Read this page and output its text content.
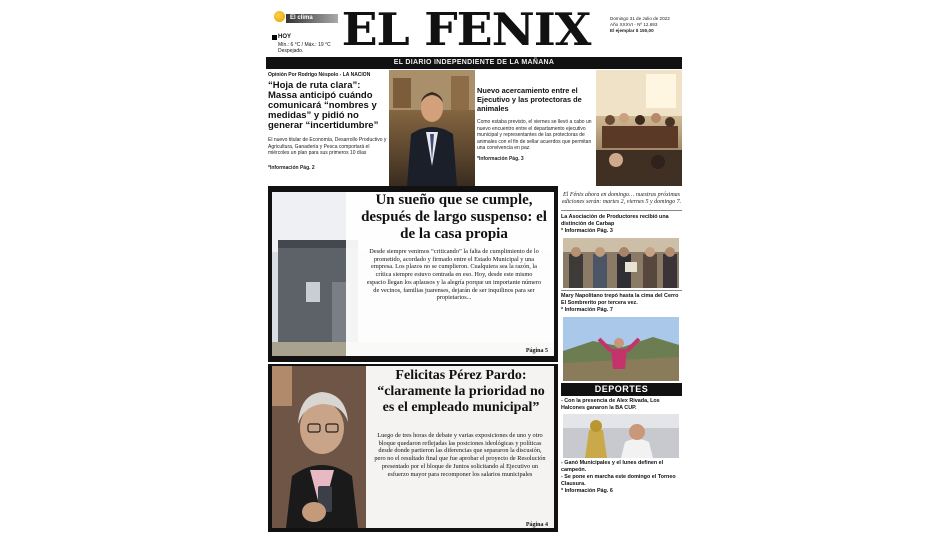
El clima
HOY
Mín.: 6 °C / Máx.: 19 °C
Despejado. EL FENIX	Domingo 31 de Julio de 2022
Año XXXVI - Nº 12.693
El ejemplar $ 150,00
EL DIARIO INDEPENDIENTE DE LA MAÑANA
Opinión Por Rodrigo Néspolo - LA NACION
“Hoja de ruta clara”: Massa anticipó cuándo comunicará “nombres y medidas” y pidió no generar “incertidumbre”
El nuevo titular de Economía, Desarrollo Productivo y Agricultura, Ganadería y Pesca comportará el miércoles un plan para sus primeros 10 días
*Información Pág. 2
Nuevo acercamiento entre el Ejecutivo y las protectoras de animales
Como estaba previsto, el viernes se llevó a cabo un nuevo encuentro entre el departamento ejecutivo municipal y representantes de las protectoras de animales con el fin de sellar acuerdos que permitan una convivencia en paz.
*Información Pág. 3
Un sueño que se cumple, después de largo suspenso: el de la casa propia
Desde siempre venimos “criticando” la falta de cumplimiento de lo prometido, acordado y firmado entre el Estado Municipal y una empresa. Los plazos no se cumplieron. Cualquiera sea la razón, la crítica siempre estuvo centrada en eso. Hoy, desde este mismo espacio llegan los aplausos y la alegría porque un importante número de vecinos, familias juarenses, dejarán de ser inquilinos para ser propietarios...
Página 5
Felicitas Pérez Pardo:
“claramente la prioridad no es el empleado municipal”
Luego de tres horas de debate y varias exposiciones de uno y otro bloque quedaron reflejadas las posiciones ideológicas y políticas desde donde partieron las diferencias que separaron la discusión, pero no el resultado final que fue aprobar el proyecto de Resolución presentado por el bloque de Juntos solicitando al Ejecutivo un esfuerzo mayor para recomponer los salarios municipales
Página 4
El Fénix ahora en domingo… nuestras próximas ediciones serán: martes 2, viernes 5 y domingo 7.
La Asociación de Productores recibió una distinción de Carbap
* Información Pág. 3
Mary Napolitano trepó hasta la cima del Cerro El Sombrerito por tercera vez.
* Información Pág. 7
DEPORTES
- Con la presencia de Alex Rivada, Los Halcones ganaron la BA CUP.
- Ganó Municipales y el lunes definen el campeón.
- Se pone en marcha este domingo el Torneo Clausura.
* Información Pág. 6
